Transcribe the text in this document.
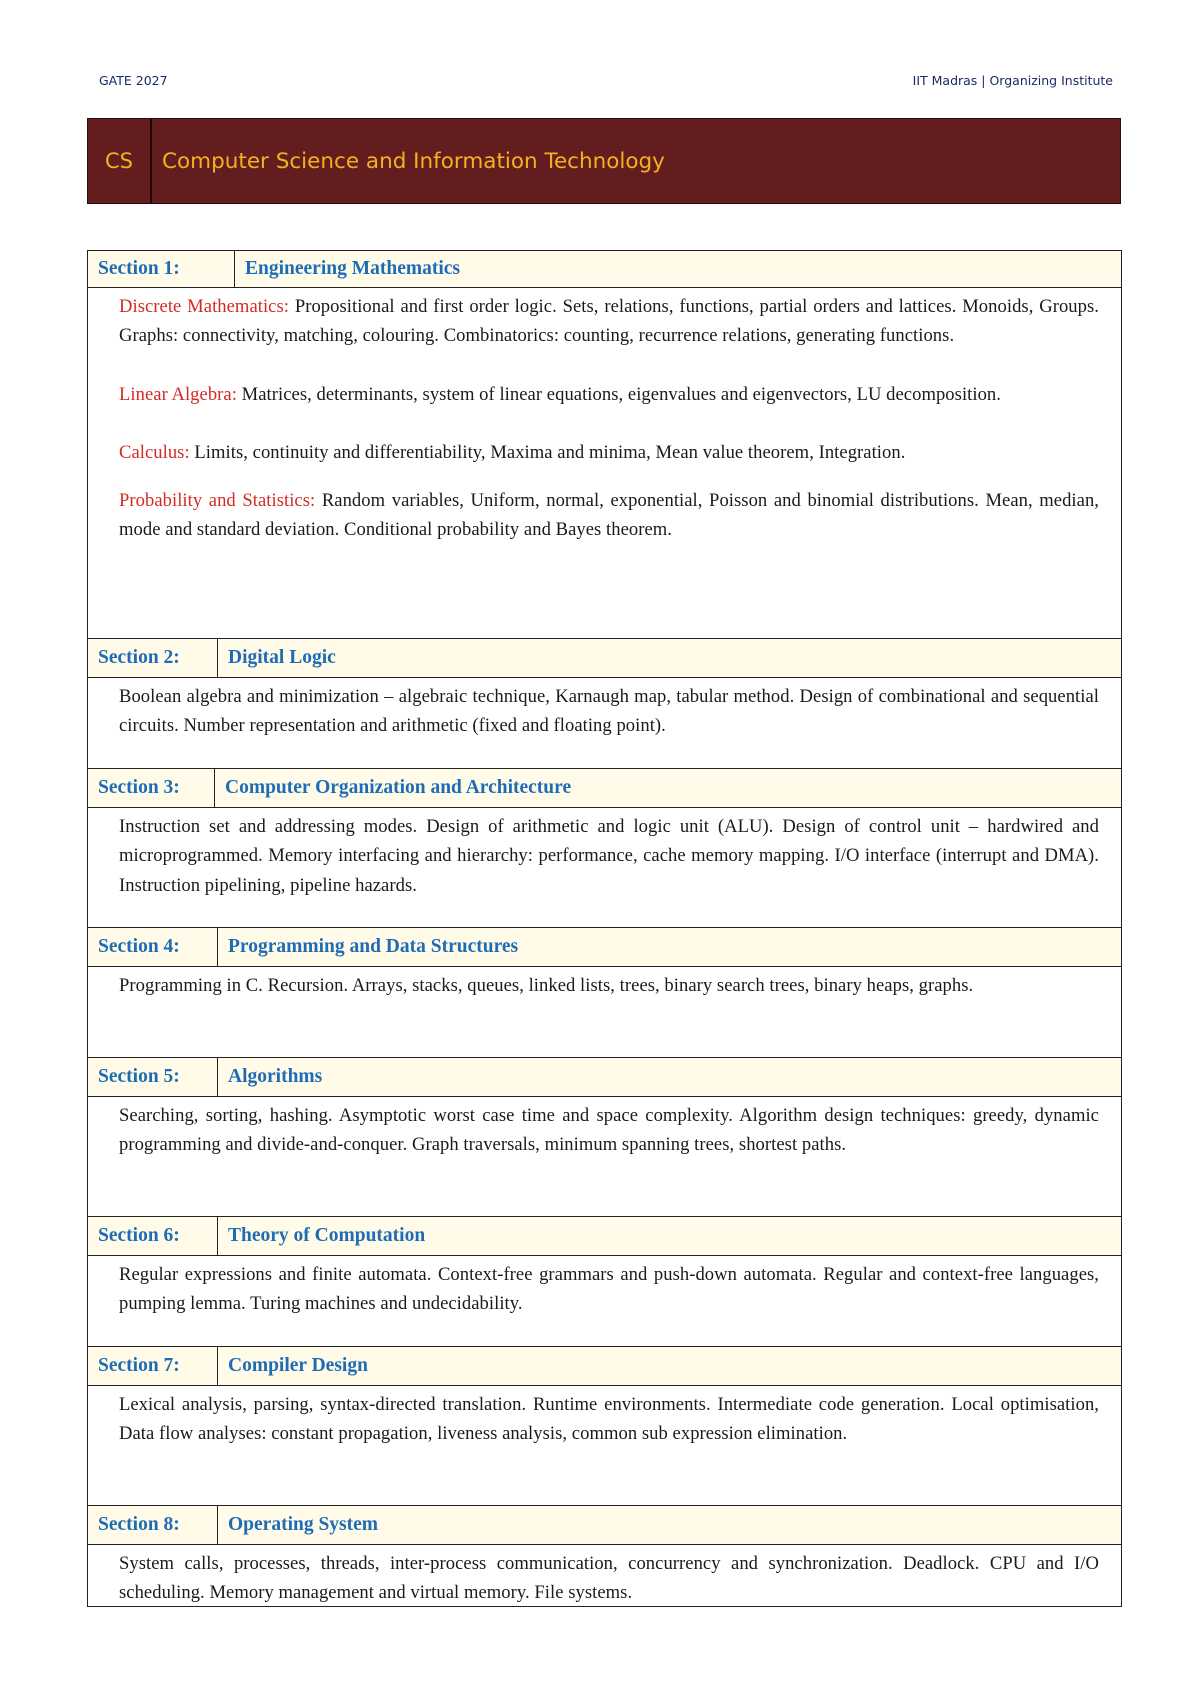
GATE 2027	IIT Madras | Organizing Institute
CS	Computer Science and Information Technology
Section 1:	Engineering Mathematics

Discrete Mathematics: Propositional and first order logic. Sets, relations, functions, partial orders and lattices. Monoids, Groups. Graphs: connectivity, matching, colouring. Combinatorics: counting, recurrence relations, generating functions.

Linear Algebra: Matrices, determinants, system of linear equations, eigenvalues and eigenvectors, LU decomposition.

Calculus: Limits, continuity and differentiability, Maxima and minima, Mean value theorem, Integration.

Probability and Statistics: Random variables, Uniform, normal, exponential, Poisson and binomial distributions. Mean, median, mode and standard deviation. Conditional probability and Bayes theorem.

Section 2:	Digital Logic

Boolean algebra and minimization – algebraic technique, Karnaugh map, tabular method. Design of combinational and sequential circuits. Number representation and arithmetic (fixed and floating point).

Section 3:	Computer Organization and Architecture

Instruction set and addressing modes. Design of arithmetic and logic unit (ALU). Design of control unit – hardwired and microprogrammed. Memory interfacing and hierarchy: performance, cache memory mapping. I/O interface (interrupt and DMA). Instruction pipelining, pipeline hazards.

Section 4:	Programming and Data Structures

Programming in C. Recursion. Arrays, stacks, queues, linked lists, trees, binary search trees, binary heaps, graphs.

Section 5:	Algorithms

Searching, sorting, hashing. Asymptotic worst case time and space complexity. Algorithm design techniques: greedy, dynamic programming and divide-and-conquer. Graph traversals, minimum spanning trees, shortest paths.

Section 6:	Theory of Computation

Regular expressions and finite automata. Context-free grammars and push-down automata. Regular and context-free languages, pumping lemma. Turing machines and undecidability.

Section 7:	Compiler Design

Lexical analysis, parsing, syntax-directed translation. Runtime environments. Intermediate code generation. Local optimisation, Data flow analyses: constant propagation, liveness analysis, common sub expression elimination.

Section 8:	Operating System

System calls, processes, threads, inter-process communication, concurrency and synchronization. Deadlock. CPU and I/O scheduling. Memory management and virtual memory. File systems.
